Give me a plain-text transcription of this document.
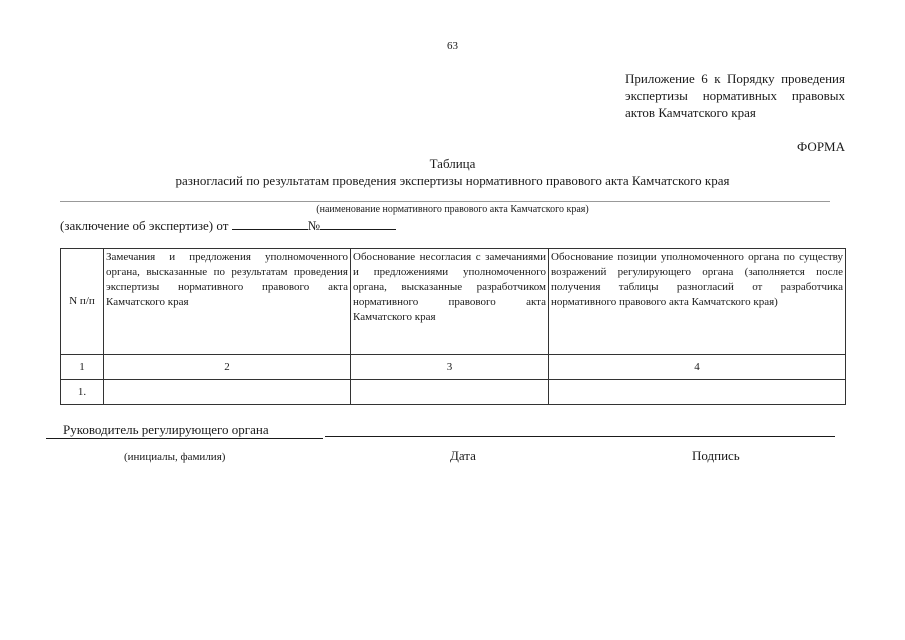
63
Приложение 6 к Порядку проведения экспертизы нормативных правовых актов Камчатского края
ФОРМА
Таблица
разногласий по результатам проведения экспертизы нормативного правового акта Камчатского края
(наименование нормативного правового акта Камчатского края)
(заключение об экспертизе) от	№
N п/п	Замечания и предложения уполномоченного органа, высказанные по результатам проведения экспертизы нормативного правового акта Камчатского края	Обоснование несогласия с замечаниями и предложениями уполномоченного органа, высказанные разработчиком нормативного правового акта Камчатского края	Обоснование позиции уполномоченного органа по существу возражений регулирующего органа (заполняется после получения таблицы разногласий от разработчика нормативного правового акта Камчатского края)
1	2	3	4
1.			
Руководитель регулирующего органа
(инициалы, фамилия)	Дата	Подпись
